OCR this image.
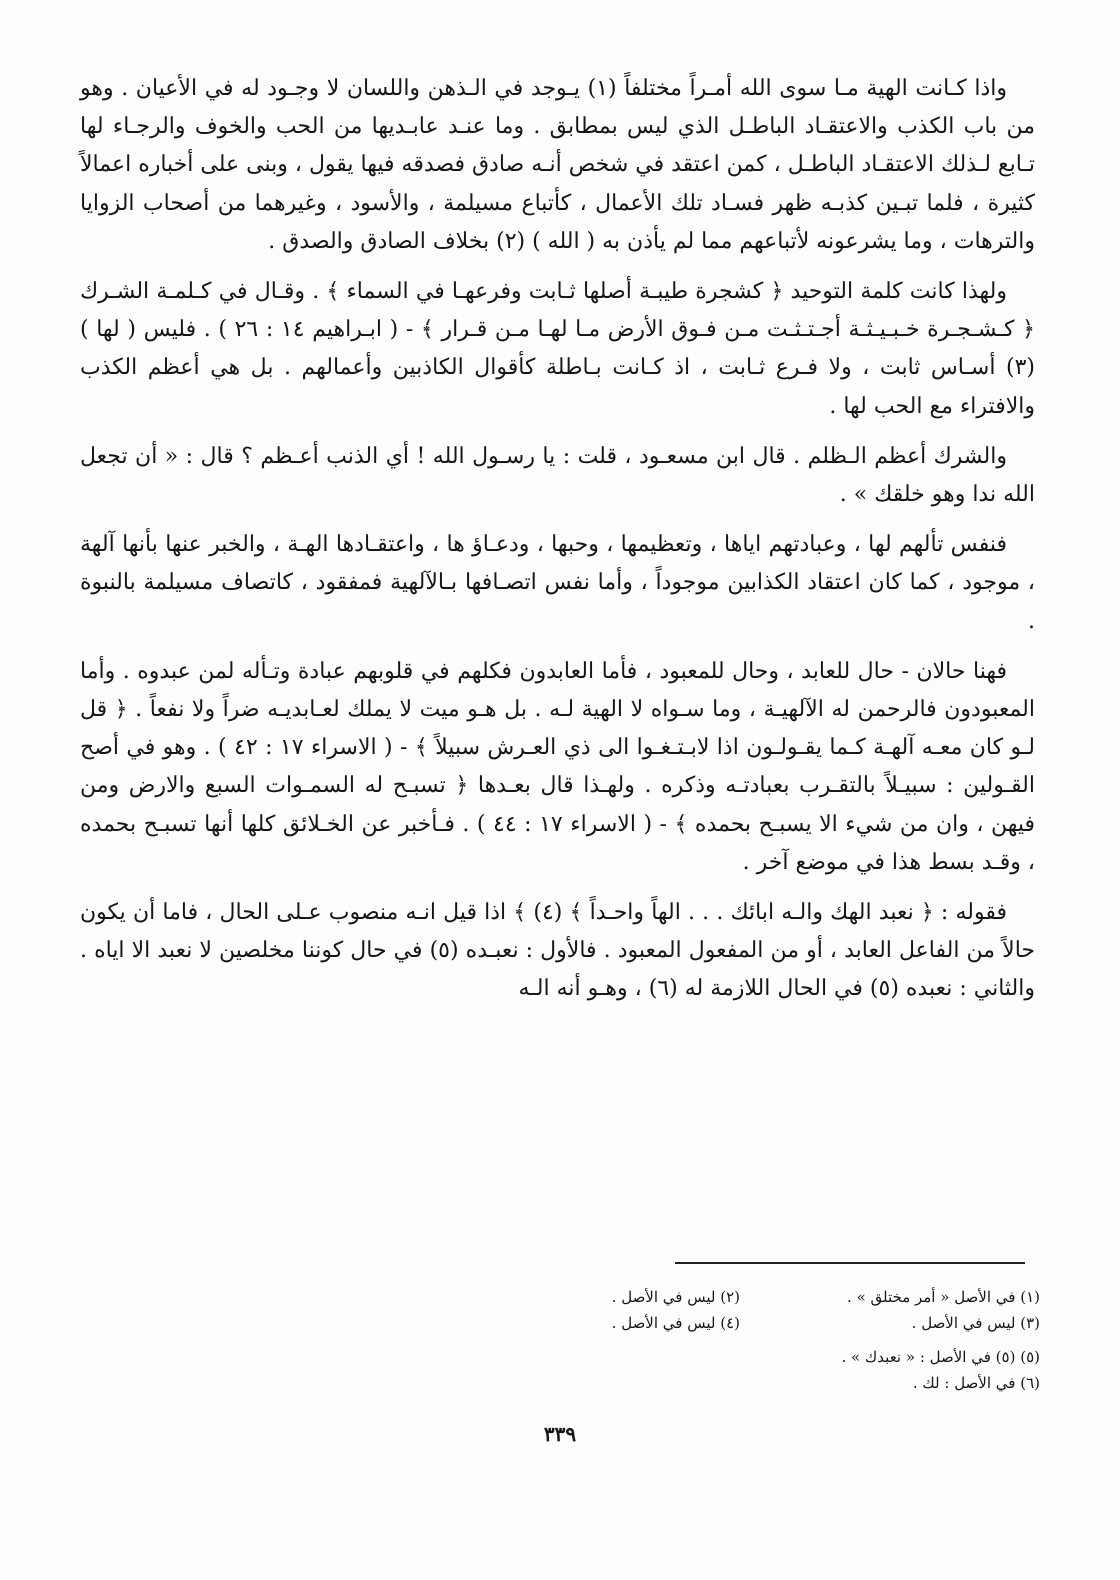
واذا كـانت الهية مـا سوى الله أمـراً مختلفاً (١) يـوجد في الـذهن واللسان لا وجـود له في الأعيان . وهو من باب الكذب والاعتقـاد الباطـل الذي ليس بمطابق . وما عنـد عابـديها من الحب والخوف والرجـاء لها تـابع لـذلك الاعتقـاد الباطـل ، كمن اعتقد في شخص أنـه صادق فصدقه فيها يقول ، وبنى على أخباره اعمالاً كثيرة ، فلما تبـين كذبـه ظهر فسـاد تلك الأعمال ، كأتباع مسيلمة ، والأسود ، وغيرهما من أصحاب الزوايا والترهات ، وما يشرعونه لأتباعهم مما لم يأذن به ( الله ) (٢) بخلاف الصادق والصدق .

ولهذا كانت كلمة التوحيد ﴿ كشجرة طيبـة أصلها ثـابت وفرعهـا في السماء ﴾ . وقـال في كـلمـة الشـرك ﴿ كـشـجـرة خـبـيـثـة أجـتـثـت مـن فـوق الأرض مـا لهـا مـن قـرار ﴾ - ( ابـراهيم ١٤ : ٢٦ ) . فليس ( لها ) (٣) أسـاس ثابت ، ولا فـرع ثـابت ، اذ كـانت بـاطلة كأقوال الكاذبين وأعمالهم . بل هي أعظم الكذب والافتراء مع الحب لها .

والشرك أعظم الـظلم . قال ابن مسعـود ، قلت : يا رسـول الله ! أي الذنب أعـظم ؟ قال : « أن تجعل الله ندا وهو خلقك » .

فنفس تألهم لها ، وعبادتهم اياها ، وتعظيمها ، وحبها ، ودعـاؤ ها ، واعتقـادها الهـة ، والخبر عنها بأنها آلهة ، موجود ، كما كان اعتقاد الكذابين موجوداً ، وأما نفس اتصـافها بـالآلهية فمفقود ، كاتصاف مسيلمة بالنبوة .

فهنا حالان - حال للعابد ، وحال للمعبود ، فأما العابدون فكلهم في قلوبهم عبادة وتـأله لمن عبدوه . وأما المعبودون فالرحمن له الآلهيـة ، وما سـواه لا الهية لـه . بل هـو ميت لا يملك لعـابديـه ضراً ولا نفعاً . ﴿ قل لـو كان معـه آلهـة كـما يقـولـون اذا لابـتـغـوا الى ذي العـرش سبيلاً ﴾ - ( الاسراء ١٧ : ٤٢ ) . وهو في أصح القـولين : سبيـلاً بالتقـرب بعبادتـه وذكره . ولهـذا قال بعـدها ﴿ تسبـح له السمـوات السبع والارض ومن فيهن ، وان من شيء الا يسبـح بحمده ﴾ - ( الاسراء ١٧ : ٤٤ ) . فـأخبر عن الخـلائق كلها أنها تسبـح بحمده ، وقـد بسط هذا في موضع آخر .

فقوله : ﴿ نعبد الهك والـه ابائك . . . الهاً واحـداً ﴾ (٤) ﴾ اذا قيل انـه منصوب عـلى الحال ، فاما أن يكون حالاً من الفاعل العابد ، أو من المفعول المعبود . فالأول : نعبـده (٥) في حال كوننا مخلصين لا نعبد الا اياه . والثاني : نعبده (٥) في الحال اللازمة له (٦) ، وهـو أنه الـه

(١) في الأصل « أمر مختلق » .
(٢) ليس في الأصل .
(٣) ليس في الأصل .
(٤) ليس في الأصل .
(٥) (٥) في الأصل : « نعبدك » .
(٦) في الأصل : لك .
٣٣٩
